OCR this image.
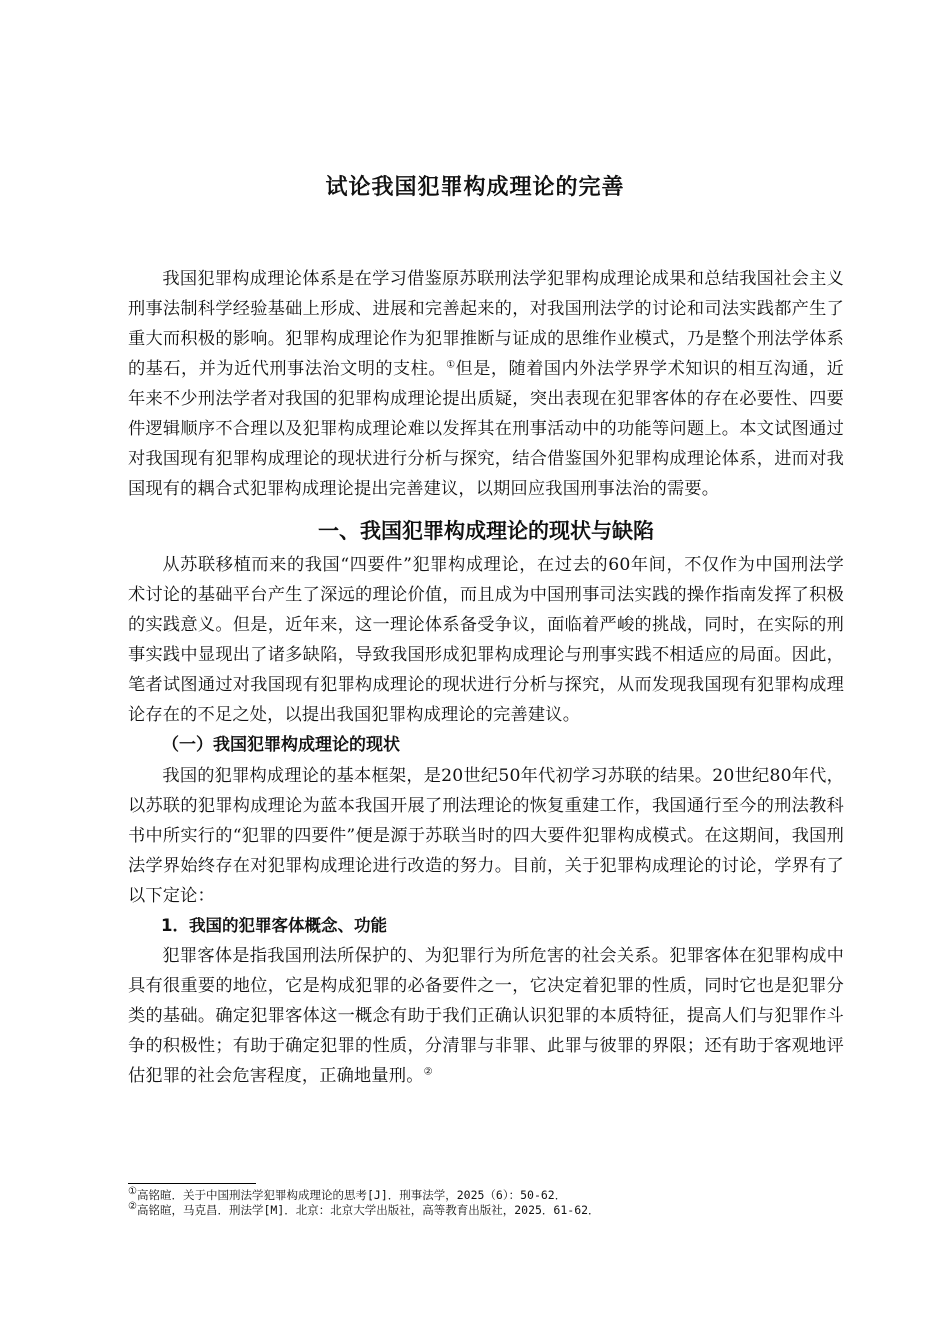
试论我国犯罪构成理论的完善

我国犯罪构成理论体系是在学习借鉴原苏联刑法学犯罪构成理论成果和总结我国社会主义刑事法制科学经验基础上形成、进展和完善起来的，对我国刑法学的讨论和司法实践都产生了重大而积极的影响。犯罪构成理论作为犯罪推断与证成的思维作业模式，乃是整个刑法学体系的基石，并为近代刑事法治文明的支柱。①但是，随着国内外法学界学术知识的相互沟通，近年来不少刑法学者对我国的犯罪构成理论提出质疑，突出表现在犯罪客体的存在必要性、四要件逻辑顺序不合理以及犯罪构成理论难以发挥其在刑事活动中的功能等问题上。本文试图通过对我国现有犯罪构成理论的现状进行分析与探究，结合借鉴国外犯罪构成理论体系，进而对我国现有的耦合式犯罪构成理论提出完善建议，以期回应我国刑事法治的需要。

一、我国犯罪构成理论的现状与缺陷

从苏联移植而来的我国“四要件”犯罪构成理论，在过去的60年间，不仅作为中国刑法学术讨论的基础平台产生了深远的理论价值，而且成为中国刑事司法实践的操作指南发挥了积极的实践意义。但是，近年来，这一理论体系备受争议，面临着严峻的挑战，同时，在实际的刑事实践中显现出了诸多缺陷，导致我国形成犯罪构成理论与刑事实践不相适应的局面。因此，笔者试图通过对我国现有犯罪构成理论的现状进行分析与探究，从而发现我国现有犯罪构成理论存在的不足之处，以提出我国犯罪构成理论的完善建议。

（一）我国犯罪构成理论的现状

我国的犯罪构成理论的基本框架，是20世纪50年代初学习苏联的结果。20世纪80年代，以苏联的犯罪构成理论为蓝本我国开展了刑法理论的恢复重建工作，我国通行至今的刑法教科书中所实行的“犯罪的四要件”便是源于苏联当时的四大要件犯罪构成模式。在这期间，我国刑法学界始终存在对犯罪构成理论进行改造的努力。目前，关于犯罪构成理论的讨论，学界有了以下定论：

1．我国的犯罪客体概念、功能

犯罪客体是指我国刑法所保护的、为犯罪行为所危害的社会关系。犯罪客体在犯罪构成中具有很重要的地位，它是构成犯罪的必备要件之一，它决定着犯罪的性质，同时它也是犯罪分类的基础。确定犯罪客体这一概念有助于我们正确认识犯罪的本质特征，提高人们与犯罪作斗争的积极性；有助于确定犯罪的性质，分清罪与非罪、此罪与彼罪的界限；还有助于客观地评估犯罪的社会危害程度，正确地量刑。②

①高铭暄．关于中国刑法学犯罪构成理论的思考[J]．刑事法学，2025（6）：50-62．
②高铭暄，马克昌．刑法学[M]．北京：北京大学出版社，高等教育出版社，2025．61-62．
